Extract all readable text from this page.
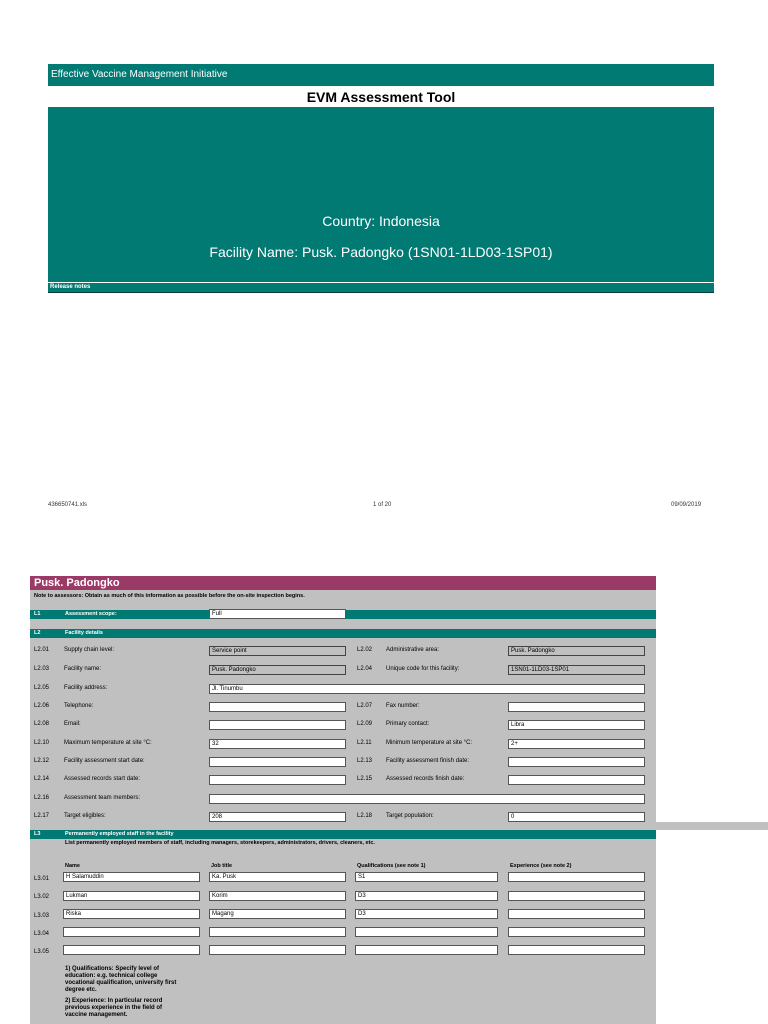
Effective Vaccine Management Initiative
EVM Assessment Tool
Country: Indonesia
Facility Name: Pusk. Padongko (1SN01-1LD03-1SP01)
Release notes
436650741.xls	1 of 20	09/09/2019
Pusk. Padongko
Note to assessors: Obtain as much of this information as possible before the on-site inspection begins.
L1	Assessment scope:	Full
L2	Facility details
L2.01 Supply chain level:	Service point	L2.02 Administrative area:	Pusk. Padongko
L2.03 Facility name:	Pusk. Padongko	L2.04 Unique code for this facility:	1SN01-1LD03-1SP01
L2.05 Facility address:	Jl. Tinumbu
L2.06 Telephone:	L2.07 Fax number:
L2.08 Email:	L2.09 Primary contact:	Libra
L2.10 Maximum temperature at site °C:	32	L2.11 Minimum temperature at site °C:	2+
L2.12 Facility assessment start date:	L2.13 Facility assessment finish date:
L2.14 Assessed records start date:	L2.15 Assessed records finish date:
L2.16 Assessment team members:
L2.17 Target eligibles:	208	L2.18 Target population:	0
L3	Permanently employed staff in the facility
List permanently employed members of staff, including managers, storekeepers, administrators, drivers, cleaners, etc.
Name	Job title	Qualifications (see note 1)	Experience (see note 2)
L3.01	H Salamuddin	Ka. Pusk	S1
L3.02	Lukman	Korim	D3
L3.03	Riska	Magang	D3
L3.04
L3.05
1) Qualifications: Specify level of education: e.g. technical college vocational qualification, university first degree etc.
2) Experience: In particular record previous experience in the field of vaccine management.
